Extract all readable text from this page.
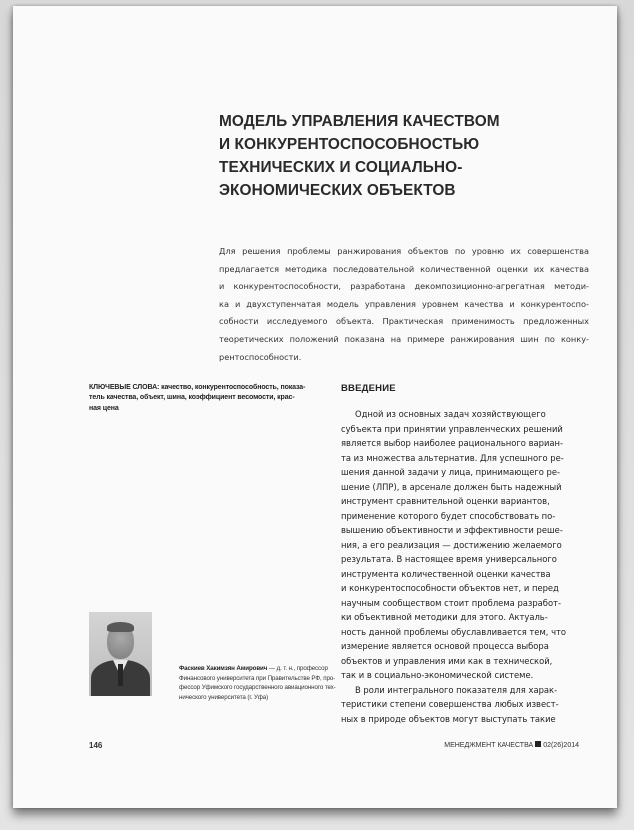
МОДЕЛЬ УПРАВЛЕНИЯ КАЧЕСТВОМ
И КОНКУРЕНТОСПОСОБНОСТЬЮ
ТЕХНИЧЕСКИХ И СОЦИАЛЬНО-
ЭКОНОМИЧЕСКИХ ОБЪЕКТОВ
Для решения проблемы ранжирования объектов по уровню их совершенства
предлагается методика последовательной количественной оценки их качества
и конкурентоспособности, разработана декомпозиционно-агрегатная методи-
ка и двухступенчатая модель управления уровнем качества и конкурентоспо-
собности исследуемого объекта. Практическая применимость предложенных
теоретических положений показана на примере ранжирования шин по конку-
рентоспособности.
КЛЮЧЕВЫЕ СЛОВА: качество, конкурентоспособность, показа-
тель качества, объект, шина, коэффициент весомости, крас-
ная цена
ВВЕДЕНИЕ
Одной из основных задач хозяйствующего
субъекта при принятии управленческих решений
является выбор наиболее рационального вариан-
та из множества альтернатив. Для успешного ре-
шения данной задачи у лица, принимающего ре-
шение (ЛПР), в арсенале должен быть надежный
инструмент сравнительной оценки вариантов,
применение которого будет способствовать по-
вышению объективности и эффективности реше-
ния, а его реализация — достижению желаемого
результата. В настоящее время универсального
инструмента количественной оценки качества
и конкурентоспособности объектов нет, и перед
научным сообществом стоит проблема разработ-
ки объективной методики для этого. Актуаль-
ность данной проблемы обуславливается тем, что
измерение является основой процесса выбора
объектов и управления ими как в технической,
так и в социально-экономической системе.
В роли интегрального показателя для харак-
теристики степени совершенства любых извест-
ных в природе объектов могут выступать такие
Фаскиев Хакимзян Амирович — д. т. н., профессор
Финансового университета при Правительстве РФ, про-
фессор Уфимского государственного авиационного тех-
нического университета (г. Уфа)
146	МЕНЕДЖМЕНТ КАЧЕСТВА 02(26)2014
